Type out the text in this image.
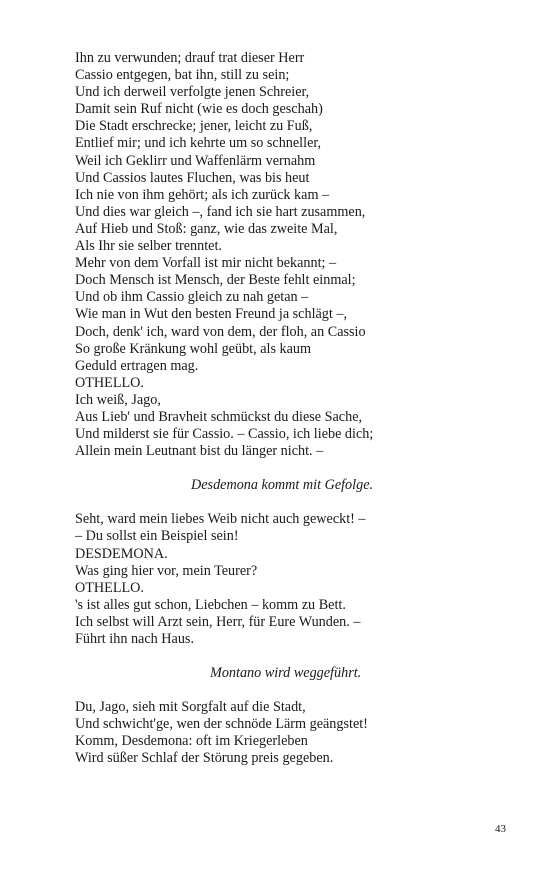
Ihn zu verwunden; drauf trat dieser Herr
Cassio entgegen, bat ihn, still zu sein;
Und ich derweil verfolgte jenen Schreier,
Damit sein Ruf nicht (wie es doch geschah)
Die Stadt erschrecke; jener, leicht zu Fuß,
Entlief mir; und ich kehrte um so schneller,
Weil ich Geklirr und Waffenlärm vernahm
Und Cassios lautes Fluchen, was bis heut
Ich nie von ihm gehört; als ich zurück kam –
Und dies war gleich –, fand ich sie hart zusammen,
Auf Hieb und Stoß: ganz, wie das zweite Mal,
Als Ihr sie selber trenntet.
Mehr von dem Vorfall ist mir nicht bekannt; –
Doch Mensch ist Mensch, der Beste fehlt einmal;
Und ob ihm Cassio gleich zu nah getan –
Wie man in Wut den besten Freund ja schlägt –,
Doch, denk' ich, ward von dem, der floh, an Cassio
So große Kränkung wohl geübt, als kaum
Geduld ertragen mag.
OTHELLO.
Ich weiß, Jago,
Aus Lieb' und Bravheit schmückst du diese Sache,
Und milderst sie für Cassio. – Cassio, ich liebe dich;
Allein mein Leutnant bist du länger nicht. –
Desdemona kommt mit Gefolge.
Seht, ward mein liebes Weib nicht auch geweckt! –
– Du sollst ein Beispiel sein!
DESDEMONA.
Was ging hier vor, mein Teurer?
OTHELLO.
's ist alles gut schon, Liebchen – komm zu Bett.
Ich selbst will Arzt sein, Herr, für Eure Wunden. –
Führt ihn nach Haus.
Montano wird weggeführt.
Du, Jago, sieh mit Sorgfalt auf die Stadt,
Und schwicht'ge, wen der schnöde Lärm geängstet!
Komm, Desdemona: oft im Kriegerleben
Wird süßer Schlaf der Störung preis gegeben.
43
